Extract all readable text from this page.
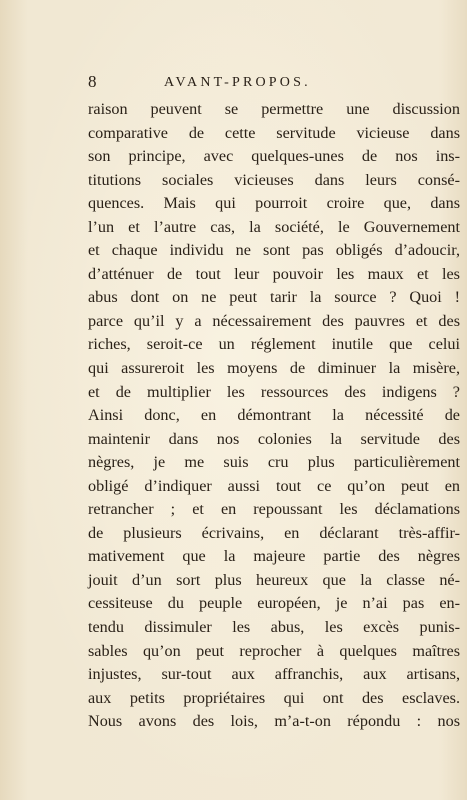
8	AVANT-PROPOS.
raison peuvent se permettre une discussion
comparative de cette servitude vicieuse dans
son principe, avec quelques-unes de nos ins-
titutions sociales vicieuses dans leurs consé-
quences. Mais qui pourroit croire que, dans
l’un et l’autre cas, la société, le Gouvernement
et chaque individu ne sont pas obligés d’adoucir,
d’atténuer de tout leur pouvoir les maux et les
abus dont on ne peut tarir la source ? Quoi !
parce qu’il y a nécessairement des pauvres et des
riches, seroit-ce un réglement inutile que celui
qui assureroit les moyens de diminuer la misère,
et de multiplier les ressources des indigens ?
Ainsi donc, en démontrant la nécessité de
maintenir dans nos colonies la servitude des
nègres, je me suis cru plus particulièrement
obligé d’indiquer aussi tout ce qu’on peut en
retrancher ; et en repoussant les déclamations
de plusieurs écrivains, en déclarant très-affir-
mativement que la majeure partie des nègres
jouit d’un sort plus heureux que la classe né-
cessiteuse du peuple européen, je n’ai pas en-
tendu dissimuler les abus, les excès punis-
sables qu’on peut reprocher à quelques maîtres
injustes, sur-tout aux affranchis, aux artisans,
aux petits propriétaires qui ont des esclaves.
Nous avons des lois, m’a-t-on répondu : nos
